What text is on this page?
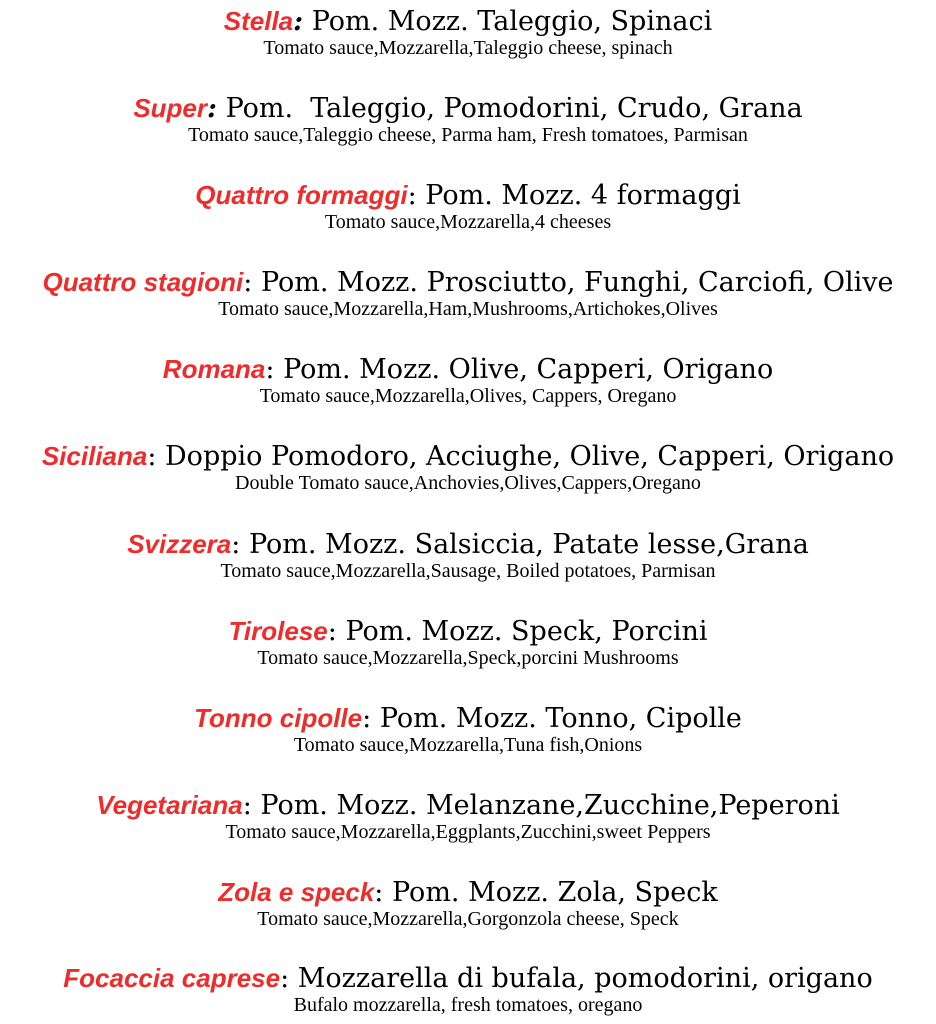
Stella: Pom. Mozz. Taleggio, Spinaci
Tomato sauce,Mozzarella,Taleggio cheese, spinach
Super: Pom.  Taleggio, Pomodorini, Crudo, Grana
Tomato sauce,Taleggio cheese, Parma ham, Fresh tomatoes, Parmisan
Quattro formaggi: Pom. Mozz. 4 formaggi
Tomato sauce,Mozzarella,4 cheeses
Quattro stagioni: Pom. Mozz. Prosciutto, Funghi, Carciofi, Olive
Tomato sauce,Mozzarella,Ham,Mushrooms,Artichokes,Olives
Romana: Pom. Mozz. Olive, Capperi, Origano
Tomato sauce,Mozzarella,Olives, Cappers, Oregano
Siciliana: Doppio Pomodoro, Acciughe, Olive, Capperi, Origano
Double Tomato sauce,Anchovies,Olives,Cappers,Oregano
Svizzera: Pom. Mozz. Salsiccia, Patate lesse,Grana
Tomato sauce,Mozzarella,Sausage, Boiled potatoes, Parmisan
Tirolese: Pom. Mozz. Speck, Porcini
Tomato sauce,Mozzarella,Speck,porcini Mushrooms
Tonno cipolle: Pom. Mozz. Tonno, Cipolle
Tomato sauce,Mozzarella,Tuna fish,Onions
Vegetariana: Pom. Mozz. Melanzane,Zucchine,Peperoni
Tomato sauce,Mozzarella,Eggplants,Zucchini,sweet Peppers
Zola e speck: Pom. Mozz. Zola, Speck
Tomato sauce,Mozzarella,Gorgonzola cheese, Speck
Focaccia caprese: Mozzarella di bufala, pomodorini, origano
Bufalo mozzarella, fresh tomatoes, oregano
